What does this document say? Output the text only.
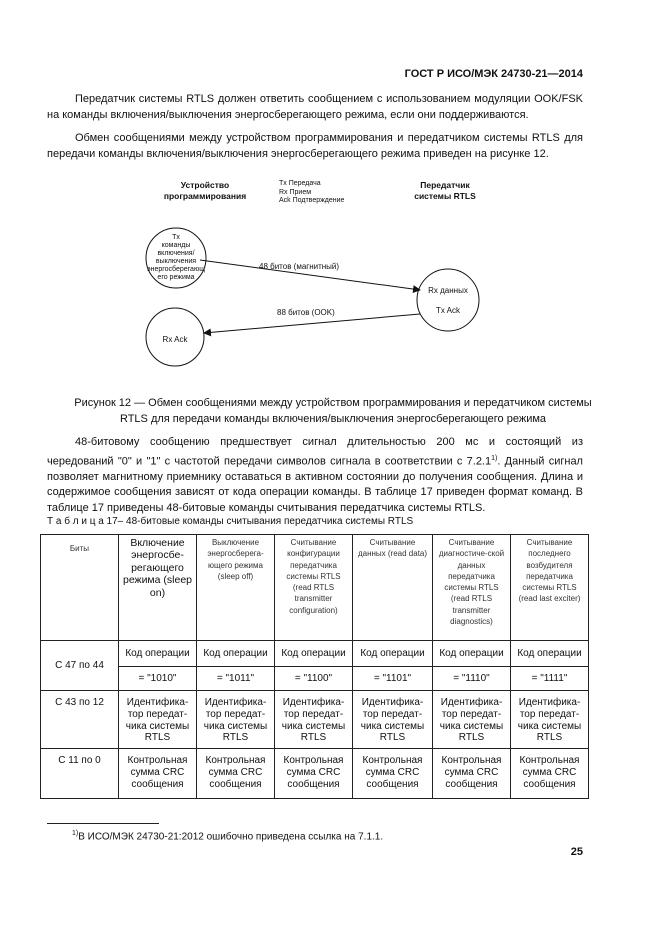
ГОСТ Р ИСО/МЭК 24730-21—2014
Передатчик системы RTLS должен ответить сообщением с использованием модуляции OOK/FSK на команды включения/выключения энергосберегающего режима, если они поддерживаются.
Обмен сообщениями между устройством программирования и передатчиком системы RTLS для передачи команды включения/выключения энергосберегающего режима приведен на рисунке 12.
Устройство
программирования
Tx Передача
Rx Прием
Ack Подтверждение
Передатчик
системы RTLS
Tx
команды
включения/
выключения
энергосберегающ
его режима
48 битов (магнитный)
88 битов (OOK)
Rx данных
Tx Ack
Rx Ack
Рисунок 12 — Обмен сообщениями между устройством программирования и передатчиком системы
RTLS для передачи команды включения/выключения энергосберегающего режима
48-битовому сообщению предшествует сигнал длительностью 200 мс и состоящий из чередований "0" и "1" с частотой передачи символов сигнала в соответствии с 7.2.1$^{1)}$. Данный сигнал позволяет магнитному приемнику оставаться в активном состоянии до получения сообщения. Длина и содержимое сообщения зависят от кода операции команды. В таблице 17 приведен формат команд. В таблице 17 приведены 48-битовые команды считывания передатчика системы RTLS.
Т а б л и ц а 17– 48-битовые команды считывания передатчика системы RTLS
Биты	Включение энергосбе-регающего режима (sleep on)	Выключение энергосберега-ющего режима (sleep off)	Считывание конфигурации передатчика системы RTLS (read RTLS transmitter configuration)	Считывание данных (read data)	Считывание диагностиче-ской данных передатчика системы RTLS (read RTLS transmitter diagnostics)	Считывание последнего возбудителя передатчика системы RTLS (read last exciter)
С 47 по 44	Код операции	Код операции	Код операции	Код операции	Код операции	Код операции
	= "1010"	= "1011"	= "1100"	= "1101"	= "1110"	= "1111"
С 43 по 12	Идентифика-тор передат-чика системы RTLS	Идентифика-тор передат-чика системы RTLS	Идентифика-тор передат-чика системы RTLS	Идентифика-тор передат-чика системы RTLS	Идентифика-тор передат-чика системы RTLS	Идентифика-тор передат-чика системы RTLS
С 11 по 0	Контрольная сумма CRC сообщения	Контрольная сумма CRC сообщения	Контрольная сумма CRC сообщения	Контрольная сумма CRC сообщения	Контрольная сумма CRC сообщения	Контрольная сумма CRC сообщения
$^{1)}$В ИСО/МЭК 24730-21:2012 ошибочно приведена ссылка на 7.1.1.
25
